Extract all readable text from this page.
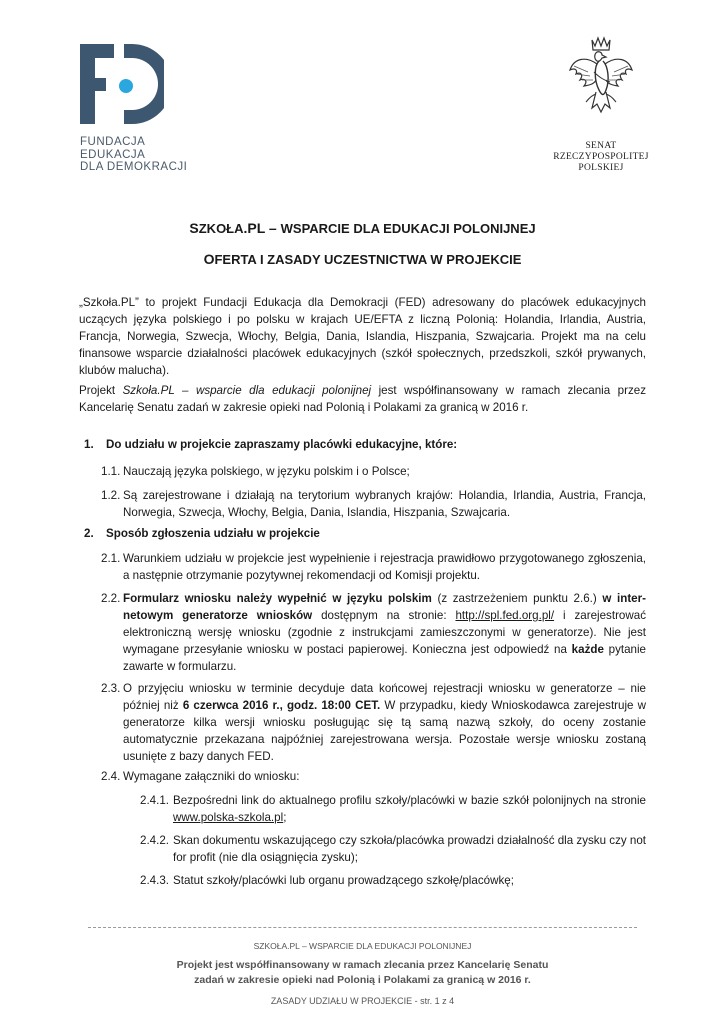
FUNDACJA
EDUKACJA
DLA DEMOKRACJI
SENAT
RZECZYPOSPOLITEJ
POLSKIEJ
SZKOŁA.PL – WSPARCIE DLA EDUKACJI POLONIJNEJ
OFERTA I ZASADY UCZESTNICTWA W PROJEKCIE

„Szkoła.PL” to projekt Fundacji Edukacja dla Demokracji (FED) adresowany do placówek edukacyjnych uczących języka polskiego i po polsku w krajach UE/EFTA z liczną Polonią: Holandia, Irlandia, Austria, Francja, Norwegia, Szwecja, Włochy, Belgia, Dania, Islandia, Hiszpania, Szwajcaria. Projekt ma na celu finansowe wsparcie działalności placówek edukacyjnych (szkół społecznych, przedszkoli, szkół prywanych, klubów malucha).

Projekt Szkoła.PL – wsparcie dla edukacji polonijnej jest współfinansowany w ramach zlecania przez Kancelarię Senatu zadań w zakresie opieki nad Polonią i Polakami za granicą w 2016 r.

1. Do udziału w projekcie zapraszamy placówki edukacyjne, które:
1.1. Nauczają języka polskiego, w języku polskim i o Polsce;
1.2. Są zarejestrowane i działają na terytorium wybranych krajów: Holandia, Irlandia, Austria, Francja, Norwegia, Szwecja, Włochy, Belgia, Dania, Islandia, Hiszpania, Szwajcaria.
2. Sposób zgłoszenia udziału w projekcie
2.1. Warunkiem udziału w projekcie jest wypełnienie i rejestracja prawidłowo przygotowanego zgłoszenia, a następnie otrzymanie pozytywnej rekomendacji od Komisji projektu.
2.2. Formularz wniosku należy wypełnić w języku polskim (z zastrzeżeniem punktu 2.6.) w inter-netowym generatorze wniosków dostępnym na stronie: http://spl.fed.org.pl/ i zarejestrować elektroniczną wersję wniosku (zgodnie z instrukcjami zamieszczonymi w generatorze). Nie jest wymagane przesyłanie wniosku w postaci papierowej. Konieczna jest odpowiedź na każde pytanie zawarte w formularzu.
2.3. O przyjęciu wniosku w terminie decyduje data końcowej rejestracji wniosku w generatorze – nie później niż 6 czerwca 2016 r., godz. 18:00 CET. W przypadku, kiedy Wnioskodawca zarejestruje w generatorze kilka wersji wniosku posługując się tą samą nazwą szkoły, do oceny zostanie automatycznie przekazana najpóźniej zarejestrowana wersja. Pozostałe wersje wniosku zostaną usunięte z bazy danych FED.
2.4. Wymagane załączniki do wniosku:
2.4.1. Bezpośredni link do aktualnego profilu szkoły/placówki w bazie szkół polonijnych na stronie www.polska-szkola.pl;
2.4.2. Skan dokumentu wskazującego czy szkoła/placówka prowadzi działalność dla zysku czy not for profit (nie dla osiągnięcia zysku);
2.4.3. Statut szkoły/placówki lub organu prowadzącego szkołę/placówkę;
SZKOŁA.PL – WSPARCIE DLA EDUKACJI POLONIJNEJ
Projekt jest współfinansowany w ramach zlecania przez Kancelarię Senatu
zadań w zakresie opieki nad Polonią i Polakami za granicą w 2016 r.
ZASADY UDZIAŁU W PROJEKCIE - str. 1 z 4
